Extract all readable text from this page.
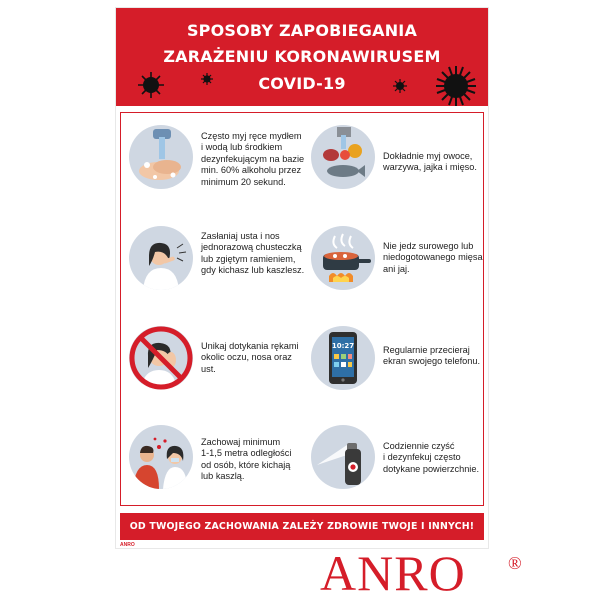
SPOSOBY ZAPOBIEGANIA
ZARAŻENIU KORONAWIRUSEM
COVID-19
Często myj ręce mydłem
i wodą lub środkiem
dezynfekującym na bazie
min. 60% alkoholu przez
minimum 20 sekund.
Dokładnie myj owoce,
warzywa, jajka i mięso.
Zasłaniaj usta i nos
jednorazową chusteczką
lub zgiętym ramieniem,
gdy kichasz lub kaszlesz.
Nie jedz surowego lub
niedogotowanego mięsa
ani jaj.
Unikaj dotykania rękami
okolic oczu, nosa oraz
ust.
10:27	Regularnie przecieraj
ekran swojego telefonu.
Zachowaj minimum
1-1,5 metra odległości
od osób, które kichają
lub kaszlą.
Codziennie czyść
i dezynfekuj często
dotykane powierzchnie.
OD TWOJEGO ZACHOWANIA ZALEŻY ZDROWIE TWOJE I INNYCH!
ANRO	ANRO ®
